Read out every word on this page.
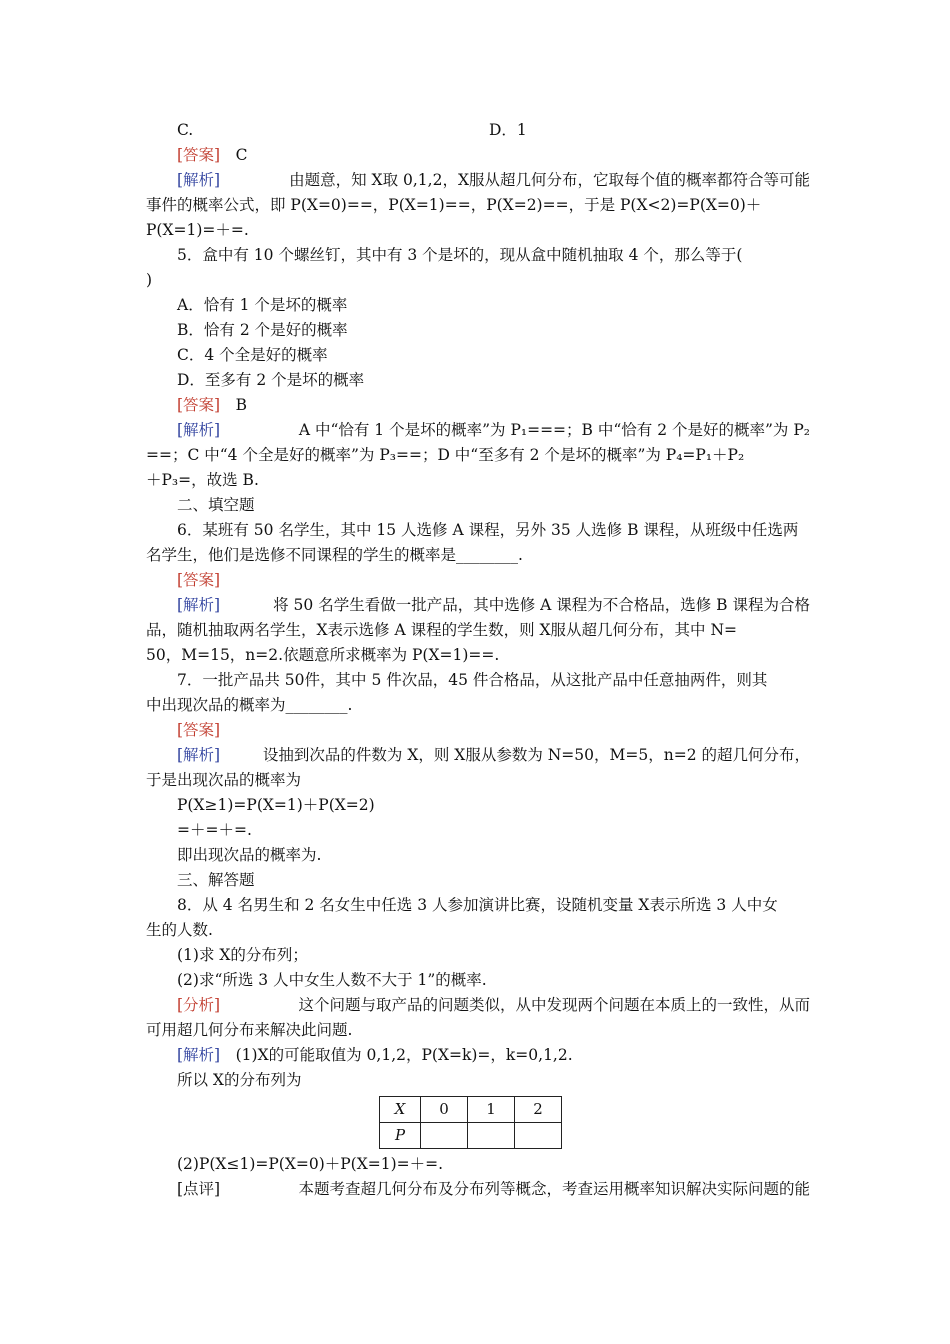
C.	D．1
[答案]　 C
[解析]	由题意，知 X取 0,1,2，X服从超几何分布，它取每个值的概率都符合等可能
事件的概率公式，即 P(X=0)==，P(X=1)==，P(X=2)==，于是 P(X<2)=P(X=0)＋
P(X=1)=＋=.
5．盒中有 10 个螺丝钉，其中有 3 个是坏的，现从盒中随机抽取 4 个，那么等于(
)
A．恰有 1 个是坏的概率
B．恰有 2 个是好的概率
C．4 个全是好的概率
D．至多有 2 个是坏的概率
[答案]　 B
[解析]	A 中“恰有 1 个是坏的概率”为 P₁===；B 中“恰有 2 个是好的概率”为 P₂
==；C 中“4 个全是好的概率”为 P₃==；D 中“至多有 2 个是坏的概率”为 P₄=P₁＋P₂
＋P₃=，故选 B.
二、填空题
6．某班有 50 名学生，其中 15 人选修 A 课程，另外 35 人选修 B 课程，从班级中任选两
名学生，他们是选修不同课程的学生的概率是________.
[答案]
[解析]	将 50 名学生看做一批产品，其中选修 A 课程为不合格品，选修 B 课程为合格
品，随机抽取两名学生，X表示选修 A 课程的学生数，则 X服从超几何分布，其中 N=
50，M=15，n=2.依题意所求概率为 P(X=1)==.
7．一批产品共 50件，其中 5 件次品，45 件合格品，从这批产品中任意抽两件，则其
中出现次品的概率为________.
[答案]
[解析]	设抽到次品的件数为 X，则 X服从参数为 N=50，M=5，n=2 的超几何分布，
于是出现次品的概率为
P(X≥1)=P(X=1)＋P(X=2)
=＋=＋=.
即出现次品的概率为.
三、解答题
8．从 4 名男生和 2 名女生中任选 3 人参加演讲比赛，设随机变量 X表示所选 3 人中女
生的人数.
(1)求 X的分布列；
(2)求“所选 3 人中女生人数不大于 1”的概率.
[分析]	这个问题与取产品的问题类似，从中发现两个问题在本质上的一致性，从而
可用超几何分布来解决此问题.
[解析]　 (1)X的可能取值为 0,1,2，P(X=k)=，k=0,1,2.
所以 X的分布列为
X	0	1	2
P			
(2)P(X≤1)=P(X=0)＋P(X=1)=＋=.
[点评]	本题考查超几何分布及分布列等概念，考查运用概率知识解决实际问题的能
